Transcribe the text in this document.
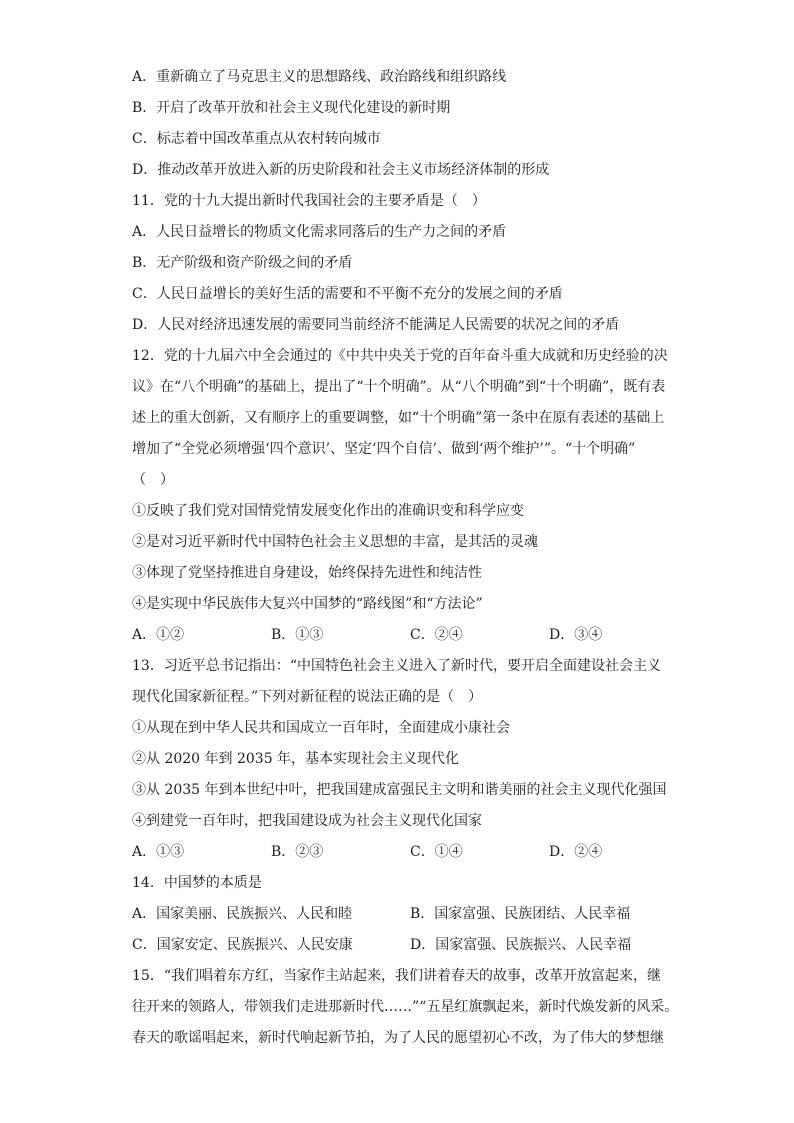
A．重新确立了马克思主义的思想路线、政治路线和组织路线
B．开启了改革开放和社会主义现代化建设的新时期
C．标志着中国改革重点从农村转向城市
D．推动改革开放进入新的历史阶段和社会主义市场经济体制的形成
11．党的十九大提出新时代我国社会的主要矛盾是（　）
A．人民日益增长的物质文化需求同落后的生产力之间的矛盾
B．无产阶级和资产阶级之间的矛盾
C．人民日益增长的美好生活的需要和不平衡不充分的发展之间的矛盾
D．人民对经济迅速发展的需要同当前经济不能满足人民需要的状况之间的矛盾
12．党的十九届六中全会通过的《中共中央关于党的百年奋斗重大成就和历史经验的决
议》在“八个明确”的基础上，提出了“十个明确”。从“八个明确”到“十个明确”，既有表
述上的重大创新，又有顺序上的重要调整，如“十个明确”第一条中在原有表述的基础上
增加了“全党必须增强‘四个意识’、坚定‘四个自信’、做到‘两个维护’”。“十个明确”
（　）
①反映了我们党对国情党情发展变化作出的准确识变和科学应变
②是对习近平新时代中国特色社会主义思想的丰富，是其活的灵魂
③体现了党坚持推进自身建设，始终保持先进性和纯洁性
④是实现中华民族伟大复兴中国梦的“路线图”和“方法论”
A．①②	B．①③	C．②④	D．③④
13．习近平总书记指出：“中国特色社会主义进入了新时代，要开启全面建设社会主义
现代化国家新征程。”下列对新征程的说法正确的是（　）
①从现在到中华人民共和国成立一百年时，全面建成小康社会
②从 2020 年到 2035 年，基本实现社会主义现代化
③从 2035 年到本世纪中叶，把我国建成富强民主文明和谐美丽的社会主义现代化强国
④到建党一百年时，把我国建设成为社会主义现代化国家
A．①③	B．②③	C．①④	D．②④
14．中国梦的本质是
A．国家美丽、民族振兴、人民和睦	B．国家富强、民族团结、人民幸福
C．国家安定、民族振兴、人民安康	D．国家富强、民族振兴、人民幸福
15．“我们唱着东方红，当家作主站起来，我们讲着春天的故事，改革开放富起来，继
往开来的领路人，带领我们走进那新时代……”“五星红旗飘起来，新时代焕发新的风采。
春天的歌谣唱起来，新时代响起新节拍，为了人民的愿望初心不改，为了伟大的梦想继
